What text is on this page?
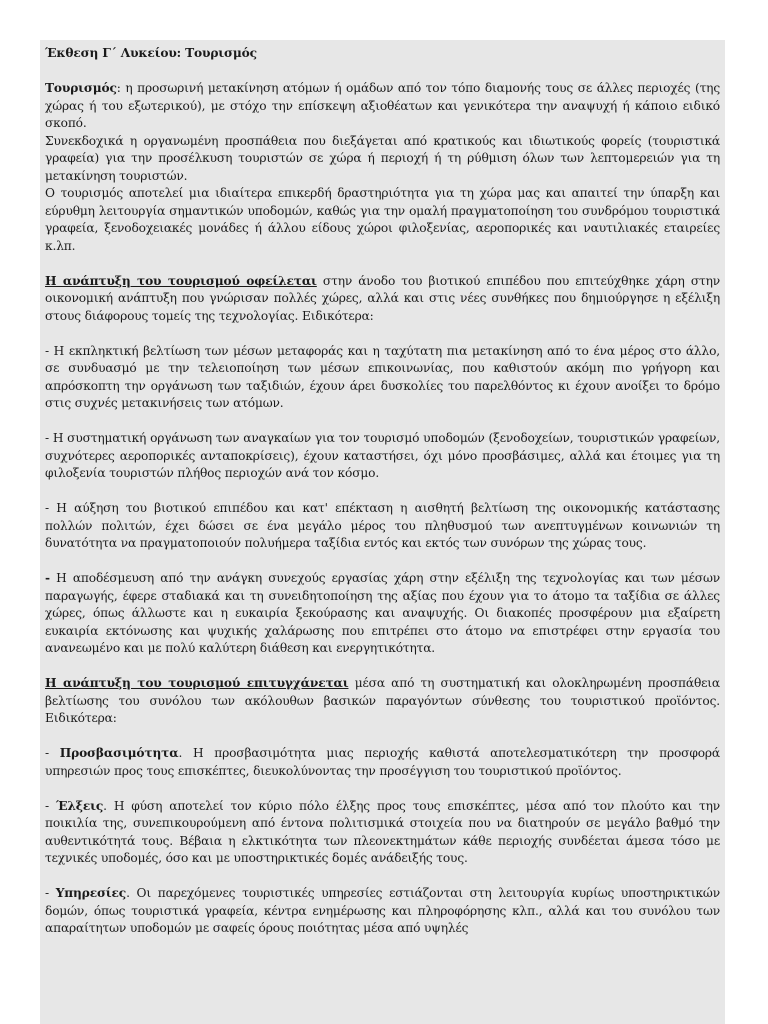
Έκθεση Γ΄ Λυκείου: Τουρισμός

Τουρισμός: η προσωρινή μετακίνηση ατόμων ή ομάδων από τον τόπο διαμονής τους σε άλλες περιοχές (της χώρας ή του εξωτερικού), με στόχο την επίσκεψη αξιοθέατων και γενικότερα την αναψυχή ή κάποιο ειδικό σκοπό.

Συνεκδοχικά η οργανωμένη προσπάθεια που διεξάγεται από κρατικούς και ιδιωτικούς φορείς (τουριστικά γραφεία) για την προσέλκυση τουριστών σε χώρα ή περιοχή ή τη ρύθμιση όλων των λεπτομερειών για τη μετακίνηση τουριστών.

Ο τουρισμός αποτελεί μια ιδιαίτερα επικερδή δραστηριότητα για τη χώρα μας και απαιτεί την ύπαρξη και εύρυθμη λειτουργία σημαντικών υποδομών, καθώς για την ομαλή πραγματοποίηση του συνδρόμου τουριστικά γραφεία, ξενοδοχειακές μονάδες ή άλλου είδους χώροι φιλοξενίας, αεροπορικές και ναυτιλιακές εταιρείες κ.λπ.

Η ανάπτυξη του τουρισμού οφείλεται στην άνοδο του βιοτικού επιπέδου που επιτεύχθηκε χάρη στην οικονομική ανάπτυξη που γνώρισαν πολλές χώρες, αλλά και στις νέες συνθήκες που δημιούργησε η εξέλιξη στους διάφορους τομείς της τεχνολογίας. Ειδικότερα:

- Η εκπληκτική βελτίωση των μέσων μεταφοράς και η ταχύτατη πια μετακίνηση από το ένα μέρος στο άλλο, σε συνδυασμό με την τελειοποίηση των μέσων επικοινωνίας, που καθιστούν ακόμη πιο γρήγορη και απρόσκοπτη την οργάνωση των ταξιδιών, έχουν άρει δυσκολίες του παρελθόντος κι έχουν ανοίξει το δρόμο στις συχνές μετακινήσεις των ατόμων.

- Η συστηματική οργάνωση των αναγκαίων για τον τουρισμό υποδομών (ξενοδοχείων, τουριστικών γραφείων, συχνότερες αεροπορικές ανταποκρίσεις), έχουν καταστήσει, όχι μόνο προσβάσιμες, αλλά και έτοιμες για τη φιλοξενία τουριστών πλήθος περιοχών ανά τον κόσμο.

- Η αύξηση του βιοτικού επιπέδου και κατ' επέκταση η αισθητή βελτίωση της οικονομικής κατάστασης πολλών πολιτών, έχει δώσει σε ένα μεγάλο μέρος του πληθυσμού των ανεπτυγμένων κοινωνιών τη δυνατότητα να πραγματοποιούν πολυήμερα ταξίδια εντός και εκτός των συνόρων της χώρας τους.

- Η αποδέσμευση από την ανάγκη συνεχούς εργασίας χάρη στην εξέλιξη της τεχνολογίας και των μέσων παραγωγής, έφερε σταδιακά και τη συνειδητοποίηση της αξίας που έχουν για το άτομο τα ταξίδια σε άλλες χώρες, όπως άλλωστε και η ευκαιρία ξεκούρασης και αναψυχής. Οι διακοπές προσφέρουν μια εξαίρετη ευκαιρία εκτόνωσης και ψυχικής χαλάρωσης που επιτρέπει στο άτομο να επιστρέφει στην εργασία του ανανεωμένο και με πολύ καλύτερη διάθεση και ενεργητικότητα.

Η ανάπτυξη του τουρισμού επιτυγχάνεται μέσα από τη συστηματική και ολοκληρωμένη προσπάθεια βελτίωσης του συνόλου των ακόλουθων βασικών παραγόντων σύνθεσης του τουριστικού προϊόντος. Ειδικότερα:

- Προσβασιμότητα. Η προσβασιμότητα μιας περιοχής καθιστά αποτελεσματικότερη την προσφορά υπηρεσιών προς τους επισκέπτες, διευκολύνοντας την προσέγγιση του τουριστικού προϊόντος.

- Έλξεις. Η φύση αποτελεί τον κύριο πόλο έλξης προς τους επισκέπτες, μέσα από τον πλούτο και την ποικιλία της, συνεπικουρούμενη από έντονα πολιτισμικά στοιχεία που να διατηρούν σε μεγάλο βαθμό την αυθεντικότητά τους. Βέβαια η ελκτικότητα των πλεονεκτημάτων κάθε περιοχής συνδέεται άμεσα τόσο με τεχνικές υποδομές, όσο και με υποστηρικτικές δομές ανάδειξής τους.

- Υπηρεσίες. Οι παρεχόμενες τουριστικές υπηρεσίες εστιάζονται στη λειτουργία κυρίως υποστηρικτικών δομών, όπως τουριστικά γραφεία, κέντρα ενημέρωσης και πληροφόρησης κλπ., αλλά και του συνόλου των απαραίτητων υποδομών με σαφείς όρους ποιότητας μέσα από υψηλές
